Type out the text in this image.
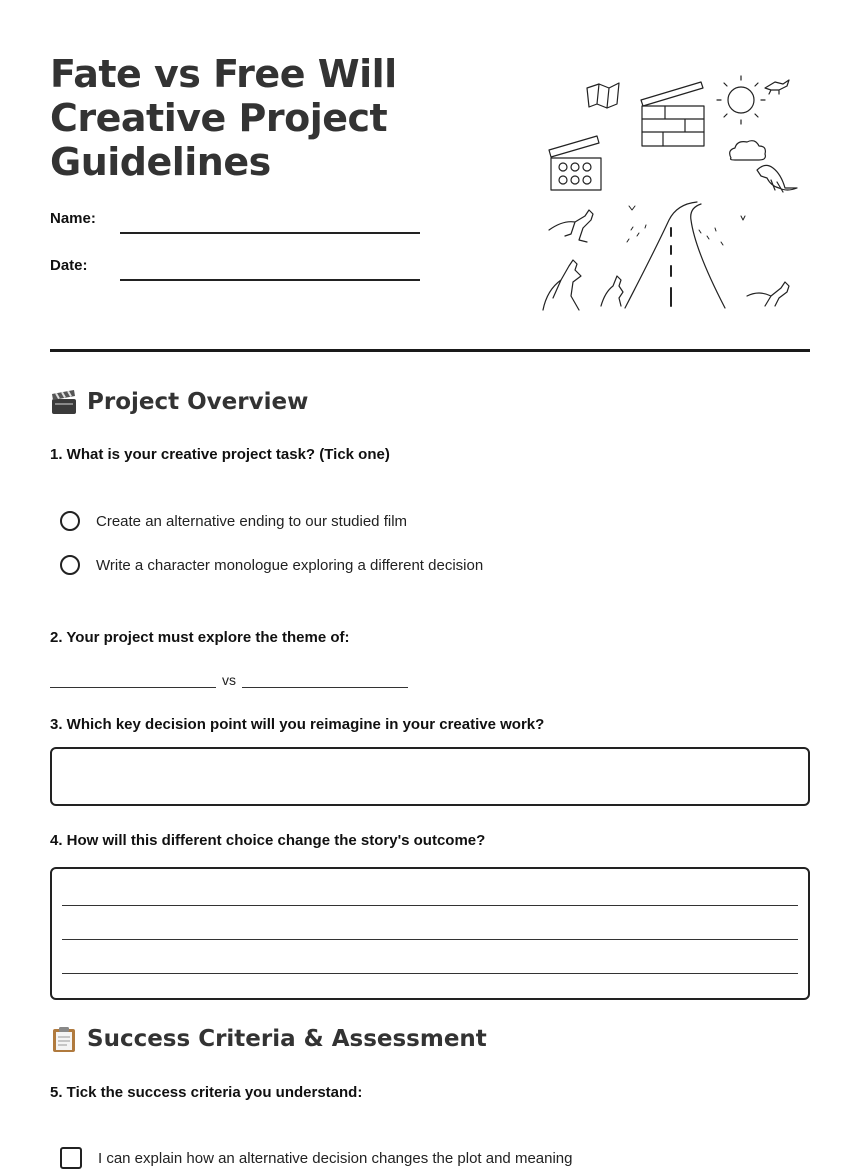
Fate vs Free Will
Creative Project
Guidelines
Name:
Date:
Project Overview
1. What is your creative project task? (Tick one)
Create an alternative ending to our studied film
Write a character monologue exploring a different decision
2. Your project must explore the theme of:
vs
3. Which key decision point will you reimagine in your creative work?
4. How will this different choice change the story's outcome?
Success Criteria & Assessment
5. Tick the success criteria you understand:
I can explain how an alternative decision changes the plot and meaning
